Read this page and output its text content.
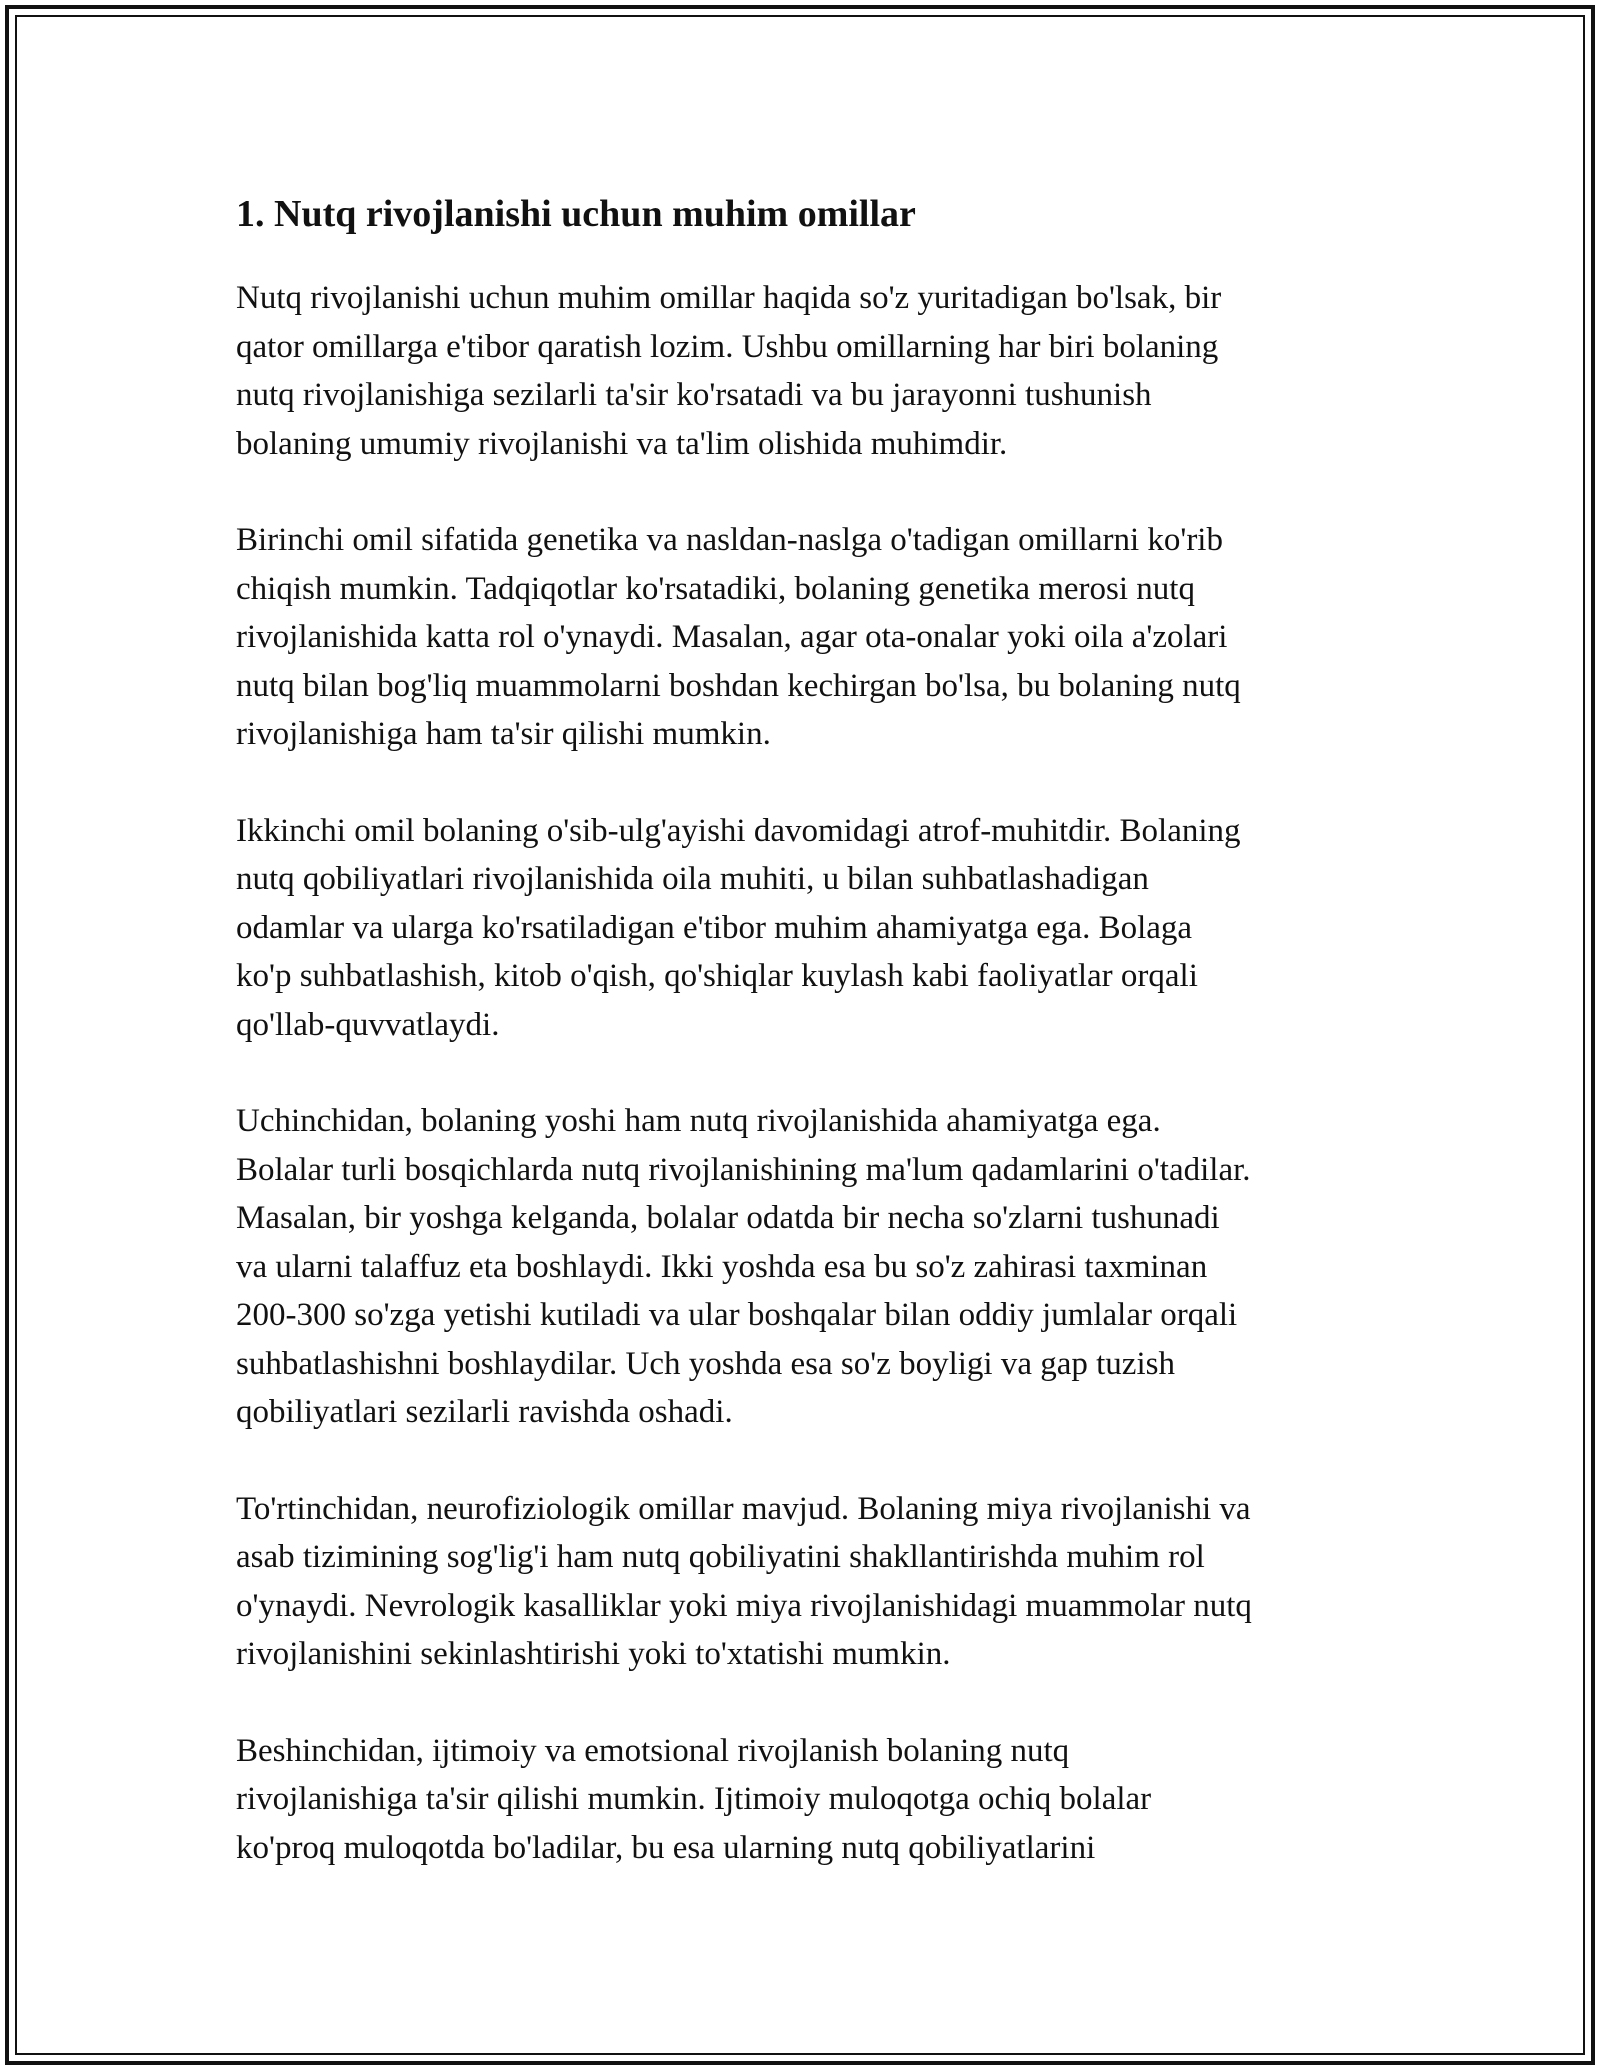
1. Nutq rivojlanishi uchun muhim omillar

Nutq rivojlanishi uchun muhim omillar haqida so'z yuritadigan bo'lsak, bir
qator omillarga e'tibor qaratish lozim. Ushbu omillarning har biri bolaning
nutq rivojlanishiga sezilarli ta'sir ko'rsatadi va bu jarayonni tushunish
bolaning umumiy rivojlanishi va ta'lim olishida muhimdir.

Birinchi omil sifatida genetika va nasldan-naslga o'tadigan omillarni ko'rib
chiqish mumkin. Tadqiqotlar ko'rsatadiki, bolaning genetika merosi nutq
rivojlanishida katta rol o'ynaydi. Masalan, agar ota-onalar yoki oila a'zolari
nutq bilan bog'liq muammolarni boshdan kechirgan bo'lsa, bu bolaning nutq
rivojlanishiga ham ta'sir qilishi mumkin.

Ikkinchi omil bolaning o'sib-ulg'ayishi davomidagi atrof-muhitdir. Bolaning
nutq qobiliyatlari rivojlanishida oila muhiti, u bilan suhbatlashadigan
odamlar va ularga ko'rsatiladigan e'tibor muhim ahamiyatga ega. Bolaga
ko'p suhbatlashish, kitob o'qish, qo'shiqlar kuylash kabi faoliyatlar orqali
qo'llab-quvvatlaydi.

Uchinchidan, bolaning yoshi ham nutq rivojlanishida ahamiyatga ega.
Bolalar turli bosqichlarda nutq rivojlanishining ma'lum qadamlarini o'tadilar.
Masalan, bir yoshga kelganda, bolalar odatda bir necha so'zlarni tushunadi
va ularni talaffuz eta boshlaydi. Ikki yoshda esa bu so'z zahirasi taxminan
200-300 so'zga yetishi kutiladi va ular boshqalar bilan oddiy jumlalar orqali
suhbatlashishni boshlaydilar. Uch yoshda esa so'z boyligi va gap tuzish
qobiliyatlari sezilarli ravishda oshadi.

To'rtinchidan, neurofiziologik omillar mavjud. Bolaning miya rivojlanishi va
asab tizimining sog'lig'i ham nutq qobiliyatini shakllantirishda muhim rol
o'ynaydi. Nevrologik kasalliklar yoki miya rivojlanishidagi muammolar nutq
rivojlanishini sekinlashtirishi yoki to'xtatishi mumkin.

Beshinchidan, ijtimoiy va emotsional rivojlanish bolaning nutq
rivojlanishiga ta'sir qilishi mumkin. Ijtimoiy muloqotga ochiq bolalar
ko'proq muloqotda bo'ladilar, bu esa ularning nutq qobiliyatlarini
